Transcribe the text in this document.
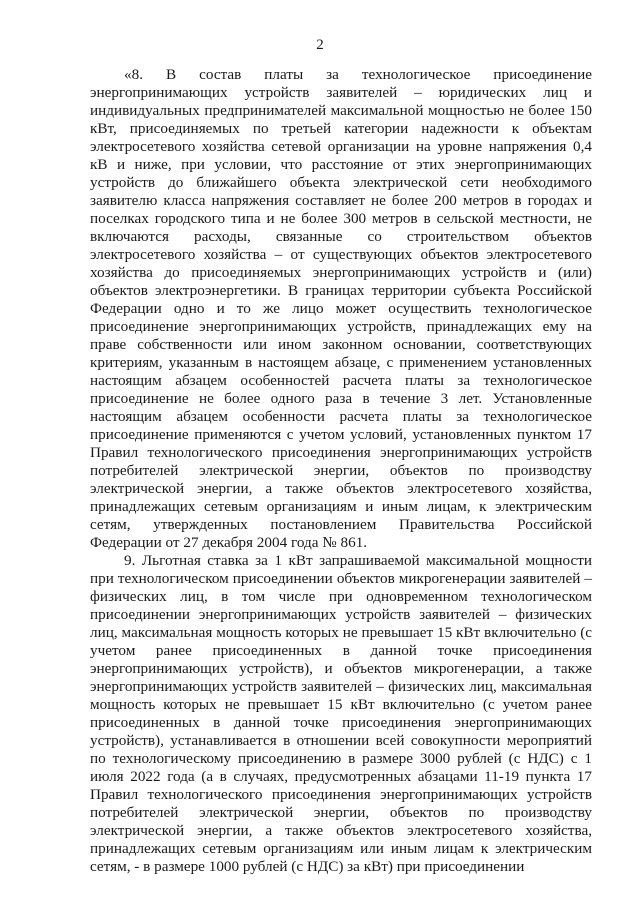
2

«8. В состав платы за технологическое присоединение энергопринимающих устройств заявителей – юридических лиц и индивидуальных предпринимателей максимальной мощностью не более 150 кВт, присоединяемых по третьей категории надежности к объектам электросетевого хозяйства сетевой организации на уровне напряжения 0,4 кВ и ниже, при условии, что расстояние от этих энергопринимающих устройств до ближайшего объекта электрической сети необходимого заявителю класса напряжения составляет не более 200 метров в городах и поселках городского типа и не более 300 метров в сельской местности, не включаются расходы, связанные со строительством объектов электросетевого хозяйства – от существующих объектов электросетевого хозяйства до присоединяемых энергопринимающих устройств и (или) объектов электроэнергетики. В границах территории субъекта Российской Федерации одно и то же лицо может осуществить технологическое присоединение энергопринимающих устройств, принадлежащих ему на праве собственности или ином законном основании, соответствующих критериям, указанным в настоящем абзаце, с применением установленных настоящим абзацем особенностей расчета платы за технологическое присоединение не более одного раза в течение 3 лет. Установленные настоящим абзацем особенности расчета платы за технологическое присоединение применяются с учетом условий, установленных пунктом 17 Правил технологического присоединения энергопринимающих устройств потребителей электрической энергии, объектов по производству электрической энергии, а также объектов электросетевого хозяйства, принадлежащих сетевым организациям и иным лицам, к электрическим сетям, утвержденных постановлением Правительства Российской Федерации от 27 декабря 2004 года № 861.

9. Льготная ставка за 1 кВт запрашиваемой максимальной мощности при технологическом присоединении объектов микрогенерации заявителей – физических лиц, в том числе при одновременном технологическом присоединении энергопринимающих устройств заявителей – физических лиц, максимальная мощность которых не превышает 15 кВт включительно (с учетом ранее присоединенных в данной точке присоединения энергопринимающих устройств), и объектов микрогенерации, а также энергопринимающих устройств заявителей – физических лиц, максимальная мощность которых не превышает 15 кВт включительно (с учетом ранее присоединенных в данной точке присоединения энергопринимающих устройств), устанавливается в отношении всей совокупности мероприятий по технологическому присоединению в размере 3000 рублей (с НДС) с 1 июля 2022 года (а в случаях, предусмотренных абзацами 11-19 пункта 17 Правил технологического присоединения энергопринимающих устройств потребителей электрической энергии, объектов по производству электрической энергии, а также объектов электросетевого хозяйства, принадлежащих сетевым организациям или иным лицам к электрическим сетям, - в размере 1000 рублей (с НДС) за кВт) при присоединении
